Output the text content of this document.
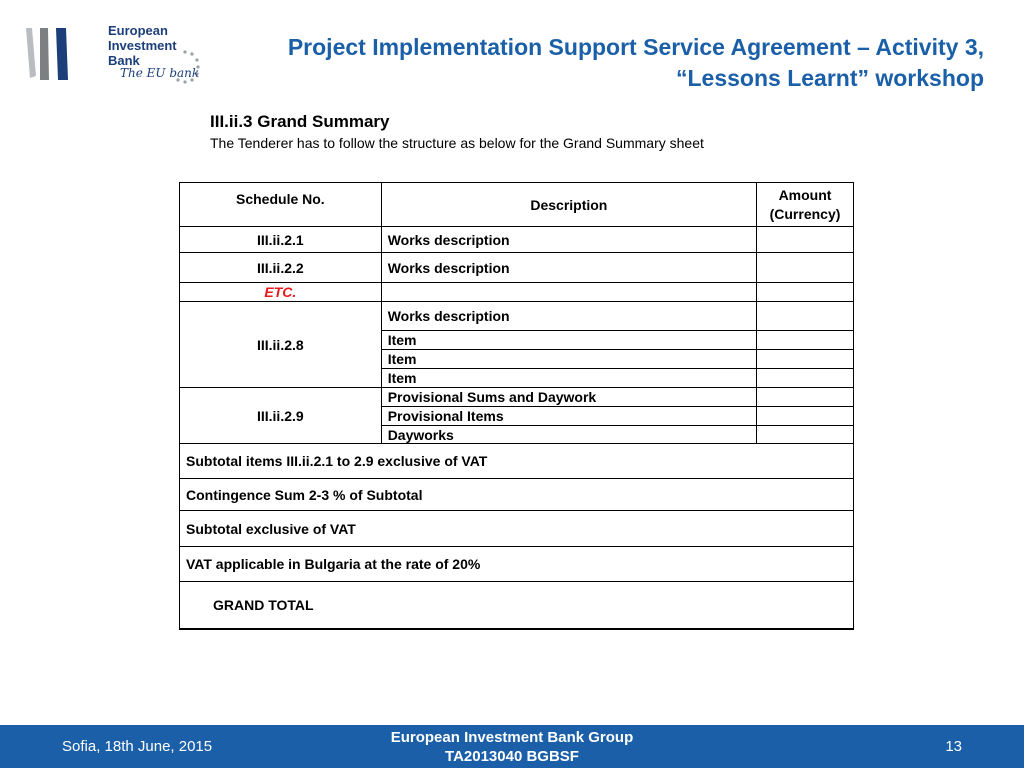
European
Investment
Bank
The EU bank
Project Implementation Support Service Agreement – Activity 3,
“Lessons Learnt” workshop
III.ii.3 Grand Summary
The Tenderer has to follow the structure as below for the Grand Summary sheet
Schedule No.	Description	Amount
(Currency)

III.ii.2.1	Works description	
III.ii.2.2	Works description	
ETC.		
III.ii.2.8	Works description	
	Item	
	Item	
	Item	
III.ii.2.9	Provisional Sums and Daywork	
	Provisional Items	
	Dayworks	
Subtotal items III.ii.2.1 to 2.9 exclusive of VAT		
Contingence Sum 2-3 % of Subtotal		
Subtotal exclusive of VAT		
VAT applicable in Bulgaria at the rate of 20%		
GRAND TOTAL		
Sofia, 18th June, 2015
European Investment Bank Group
TA2013040 BGBSF
13
